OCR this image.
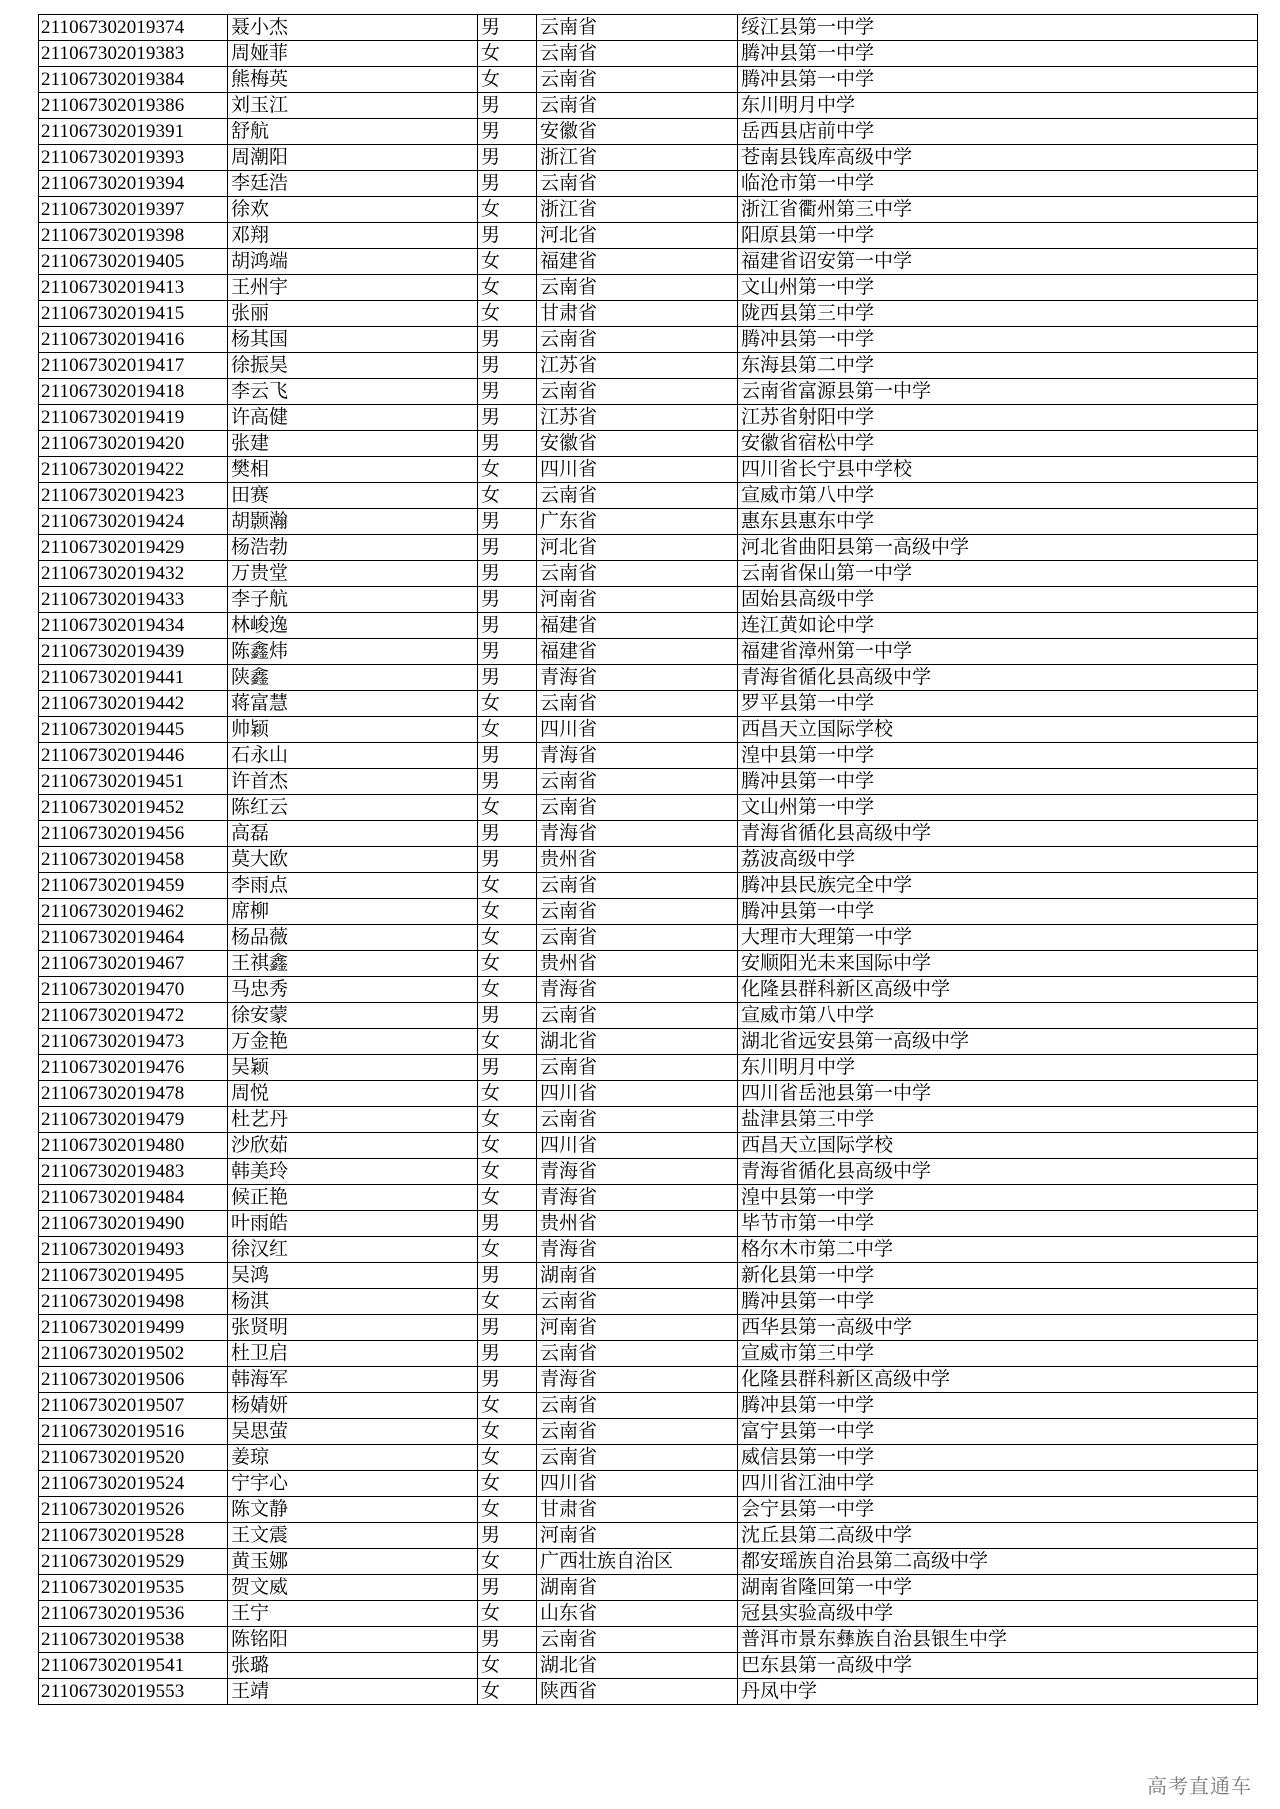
211067302019374	聂小杰	男	云南省	绥江县第一中学
211067302019383	周娅菲	女	云南省	腾冲县第一中学
211067302019384	熊梅英	女	云南省	腾冲县第一中学
211067302019386	刘玉江	男	云南省	东川明月中学
211067302019391	舒航	男	安徽省	岳西县店前中学
211067302019393	周潮阳	男	浙江省	苍南县钱库高级中学
211067302019394	李廷浩	男	云南省	临沧市第一中学
211067302019397	徐欢	女	浙江省	浙江省衢州第三中学
211067302019398	邓翔	男	河北省	阳原县第一中学
211067302019405	胡鸿端	女	福建省	福建省诏安第一中学
211067302019413	王州宇	女	云南省	文山州第一中学
211067302019415	张丽	女	甘肃省	陇西县第三中学
211067302019416	杨其国	男	云南省	腾冲县第一中学
211067302019417	徐振昊	男	江苏省	东海县第二中学
211067302019418	李云飞	男	云南省	云南省富源县第一中学
211067302019419	许高健	男	江苏省	江苏省射阳中学
211067302019420	张建	男	安徽省	安徽省宿松中学
211067302019422	樊相	女	四川省	四川省长宁县中学校
211067302019423	田赛	女	云南省	宣威市第八中学
211067302019424	胡颢瀚	男	广东省	惠东县惠东中学
211067302019429	杨浩勃	男	河北省	河北省曲阳县第一高级中学
211067302019432	万贵堂	男	云南省	云南省保山第一中学
211067302019433	李子航	男	河南省	固始县高级中学
211067302019434	林峻逸	男	福建省	连江黄如论中学
211067302019439	陈鑫炜	男	福建省	福建省漳州第一中学
211067302019441	陕鑫	男	青海省	青海省循化县高级中学
211067302019442	蒋富慧	女	云南省	罗平县第一中学
211067302019445	帅颖	女	四川省	西昌天立国际学校
211067302019446	石永山	男	青海省	湟中县第一中学
211067302019451	许首杰	男	云南省	腾冲县第一中学
211067302019452	陈红云	女	云南省	文山州第一中学
211067302019456	高磊	男	青海省	青海省循化县高级中学
211067302019458	莫大欧	男	贵州省	荔波高级中学
211067302019459	李雨点	女	云南省	腾冲县民族完全中学
211067302019462	席柳	女	云南省	腾冲县第一中学
211067302019464	杨品薇	女	云南省	大理市大理第一中学
211067302019467	王祺鑫	女	贵州省	安顺阳光未来国际中学
211067302019470	马忠秀	女	青海省	化隆县群科新区高级中学
211067302019472	徐安蒙	男	云南省	宣威市第八中学
211067302019473	万金艳	女	湖北省	湖北省远安县第一高级中学
211067302019476	吴颖	男	云南省	东川明月中学
211067302019478	周悦	女	四川省	四川省岳池县第一中学
211067302019479	杜艺丹	女	云南省	盐津县第三中学
211067302019480	沙欣茹	女	四川省	西昌天立国际学校
211067302019483	韩美玲	女	青海省	青海省循化县高级中学
211067302019484	候正艳	女	青海省	湟中县第一中学
211067302019490	叶雨皓	男	贵州省	毕节市第一中学
211067302019493	徐汉红	女	青海省	格尔木市第二中学
211067302019495	吴鸿	男	湖南省	新化县第一中学
211067302019498	杨淇	女	云南省	腾冲县第一中学
211067302019499	张贤明	男	河南省	西华县第一高级中学
211067302019502	杜卫启	男	云南省	宣威市第三中学
211067302019506	韩海军	男	青海省	化隆县群科新区高级中学
211067302019507	杨婧妍	女	云南省	腾冲县第一中学
211067302019516	吴思萤	女	云南省	富宁县第一中学
211067302019520	姜琼	女	云南省	威信县第一中学
211067302019524	宁宇心	女	四川省	四川省江油中学
211067302019526	陈文静	女	甘肃省	会宁县第一中学
211067302019528	王文震	男	河南省	沈丘县第二高级中学
211067302019529	黄玉娜	女	广西壮族自治区	都安瑶族自治县第二高级中学
211067302019535	贺文威	男	湖南省	湖南省隆回第一中学
211067302019536	王宁	女	山东省	冠县实验高级中学
211067302019538	陈铭阳	男	云南省	普洱市景东彝族自治县银生中学
211067302019541	张璐	女	湖北省	巴东县第一高级中学
211067302019553	王靖	女	陕西省	丹凤中学
高考直通车
